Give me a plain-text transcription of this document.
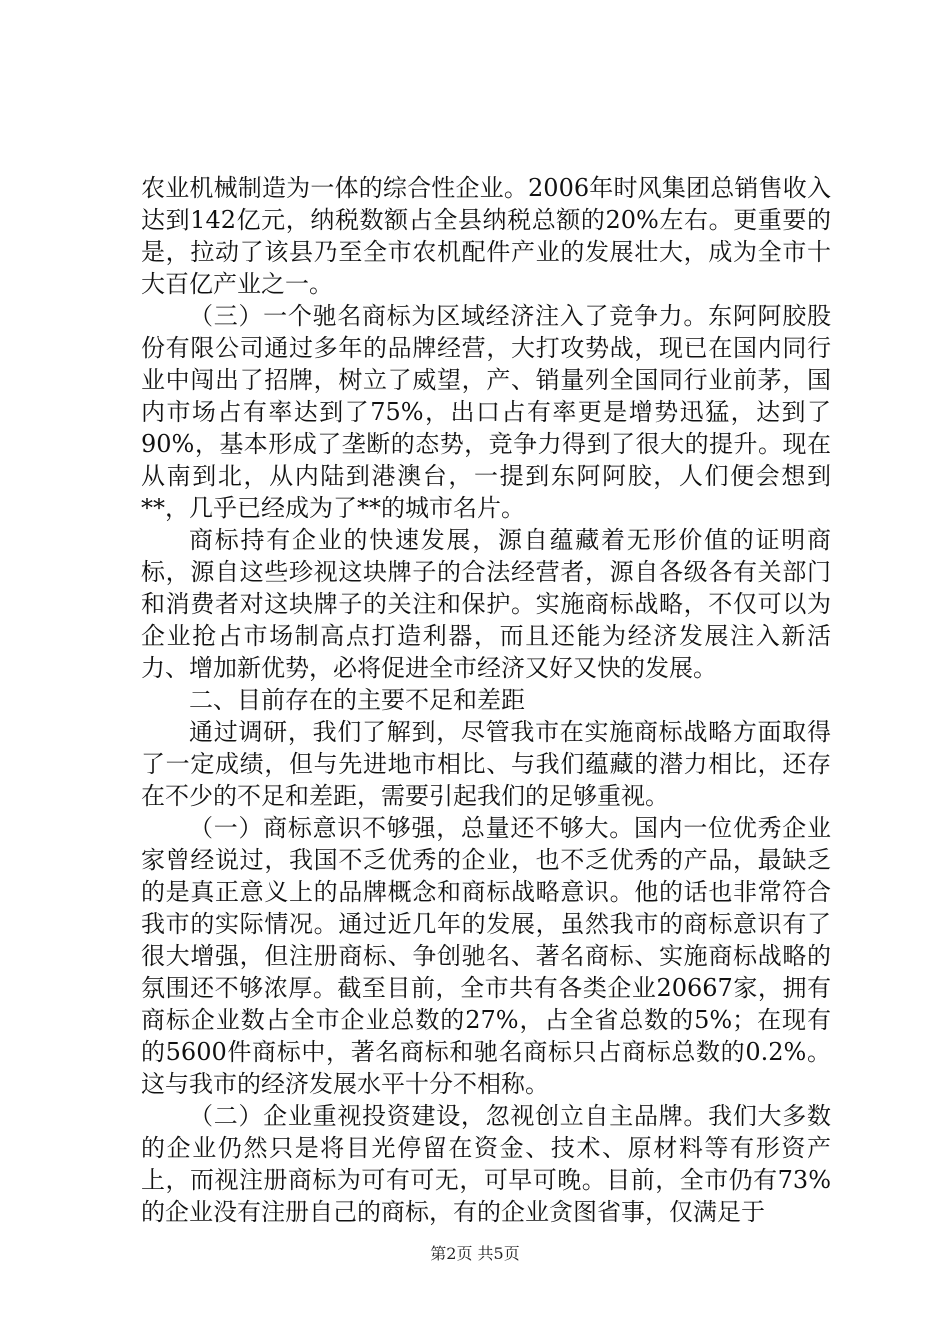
农业机械制造为一体的综合性企业。2006年时风集团总销售收入达到142亿元，纳税数额占全县纳税总额的20%左右。更重要的是，拉动了该县乃至全市农机配件产业的发展壮大，成为全市十大百亿产业之一。

（三）一个驰名商标为区域经济注入了竞争力。东阿阿胶股份有限公司通过多年的品牌经营，大打攻势战，现已在国内同行业中闯出了招牌，树立了威望，产、销量列全国同行业前茅，国内市场占有率达到了75%，出口占有率更是增势迅猛，达到了90%，基本形成了垄断的态势，竞争力得到了很大的提升。现在从南到北，从内陆到港澳台，一提到东阿阿胶，人们便会想到**，几乎已经成为了**的城市名片。

商标持有企业的快速发展，源自蕴藏着无形价值的证明商标，源自这些珍视这块牌子的合法经营者，源自各级各有关部门和消费者对这块牌子的关注和保护。实施商标战略，不仅可以为企业抢占市场制高点打造利器，而且还能为经济发展注入新活力、增加新优势，必将促进全市经济又好又快的发展。

二、目前存在的主要不足和差距

通过调研，我们了解到，尽管我市在实施商标战略方面取得了一定成绩，但与先进地市相比、与我们蕴藏的潜力相比，还存在不少的不足和差距，需要引起我们的足够重视。

（一）商标意识不够强，总量还不够大。国内一位优秀企业家曾经说过，我国不乏优秀的企业，也不乏优秀的产品，最缺乏的是真正意义上的品牌概念和商标战略意识。他的话也非常符合我市的实际情况。通过近几年的发展，虽然我市的商标意识有了很大增强，但注册商标、争创驰名、著名商标、实施商标战略的氛围还不够浓厚。截至目前，全市共有各类企业20667家，拥有商标企业数占全市企业总数的27%，占全省总数的5%；在现有的5600件商标中，著名商标和驰名商标只占商标总数的0.2%。这与我市的经济发展水平十分不相称。

（二）企业重视投资建设，忽视创立自主品牌。我们大多数的企业仍然只是将目光停留在资金、技术、原材料等有形资产上，而视注册商标为可有可无，可早可晚。目前，全市仍有73%的企业没有注册自己的商标，有的企业贪图省事，仅满足于

第2页 共5页
